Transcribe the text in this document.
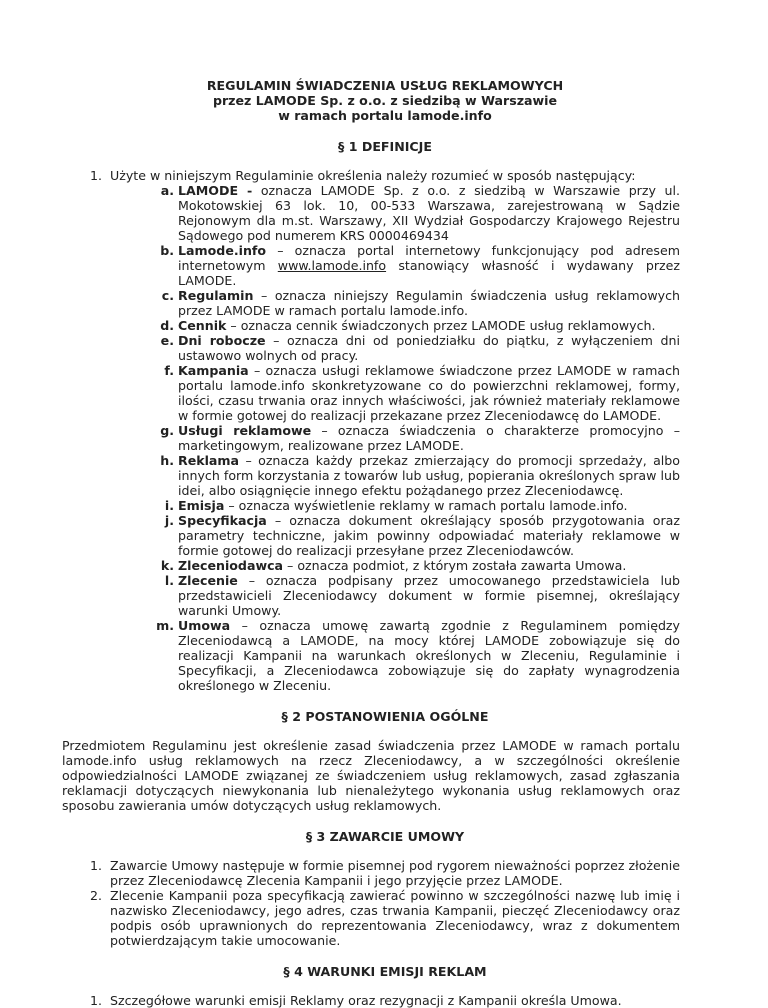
REGULAMIN ŚWIADCZENIA USŁUG REKLAMOWYCH

przez LAMODE Sp. z o.o. z siedzibą w Warszawie

w ramach portalu lamode.info

§ 1 DEFINICJE

1. Użyte w niniejszym Regulaminie określenia należy rozumieć w sposób następujący:
a. LAMODE - oznacza LAMODE Sp. z o.o. z siedzibą w Warszawie przy ul. Mokotowskiej 63 lok. 10, 00-533 Warszawa, zarejestrowaną w Sądzie Rejonowym dla m.st. Warszawy, XII Wydział Gospodarczy Krajowego Rejestru Sądowego pod numerem KRS 0000469434
b. Lamode.info – oznacza portal internetowy funkcjonujący pod adresem internetowym www.lamode.info stanowiący własność i wydawany przez LAMODE.
c. Regulamin – oznacza niniejszy Regulamin świadczenia usług reklamowych przez LAMODE w ramach portalu lamode.info.
d. Cennik – oznacza cennik świadczonych przez LAMODE usług reklamowych.
e. Dni robocze – oznacza dni od poniedziałku do piątku, z wyłączeniem dni ustawowo wolnych od pracy.
f. Kampania – oznacza usługi reklamowe świadczone przez LAMODE w ramach portalu lamode.info skonkretyzowane co do powierzchni reklamowej, formy, ilości, czasu trwania oraz innych właściwości, jak również materiały reklamowe w formie gotowej do realizacji przekazane przez Zleceniodawcę do LAMODE.
g. Usługi reklamowe – oznacza świadczenia o charakterze promocyjno – marketingowym, realizowane przez LAMODE.
h. Reklama – oznacza każdy przekaz zmierzający do promocji sprzedaży, albo innych form korzystania z towarów lub usług, popierania określonych spraw lub idei, albo osiągnięcie innego efektu pożądanego przez Zleceniodawcę.
i. Emisja – oznacza wyświetlenie reklamy w ramach portalu lamode.info.
j. Specyfikacja – oznacza dokument określający sposób przygotowania oraz parametry techniczne, jakim powinny odpowiadać materiały reklamowe w formie gotowej do realizacji przesyłane przez Zleceniodawców.
k. Zleceniodawca – oznacza podmiot, z którym została zawarta Umowa.
l. Zlecenie – oznacza podpisany przez umocowanego przedstawiciela lub przedstawicieli Zleceniodawcy dokument w formie pisemnej, określający warunki Umowy.
m. Umowa – oznacza umowę zawartą zgodnie z Regulaminem pomiędzy Zleceniodawcą a LAMODE, na mocy której LAMODE zobowiązuje się do realizacji Kampanii na warunkach określonych w Zleceniu, Regulaminie i Specyfikacji, a Zleceniodawca zobowiązuje się do zapłaty wynagrodzenia określonego w Zleceniu.

§ 2 POSTANOWIENIA OGÓLNE

Przedmiotem Regulaminu jest określenie zasad świadczenia przez LAMODE w ramach portalu lamode.info usług reklamowych na rzecz Zleceniodawcy, a w szczególności określenie odpowiedzialności LAMODE związanej ze świadczeniem usług reklamowych, zasad zgłaszania reklamacji dotyczących niewykonania lub nienależytego wykonania usług reklamowych oraz sposobu zawierania umów dotyczących usług reklamowych.

§ 3 ZAWARCIE UMOWY

1. Zawarcie Umowy następuje w formie pisemnej pod rygorem nieważności poprzez złożenie przez Zleceniodawcę Zlecenia Kampanii i jego przyjęcie przez LAMODE.
2. Zlecenie Kampanii poza specyfikacją zawierać powinno w szczególności nazwę lub imię i nazwisko Zleceniodawcy, jego adres, czas trwania Kampanii, pieczęć Zleceniodawcy oraz podpis osób uprawnionych do reprezentowania Zleceniodawcy, wraz z dokumentem potwierdzającym takie umocowanie.

§ 4 WARUNKI EMISJI REKLAM

1. Szczegółowe warunki emisji Reklamy oraz rezygnacji z Kampanii określa Umowa.
